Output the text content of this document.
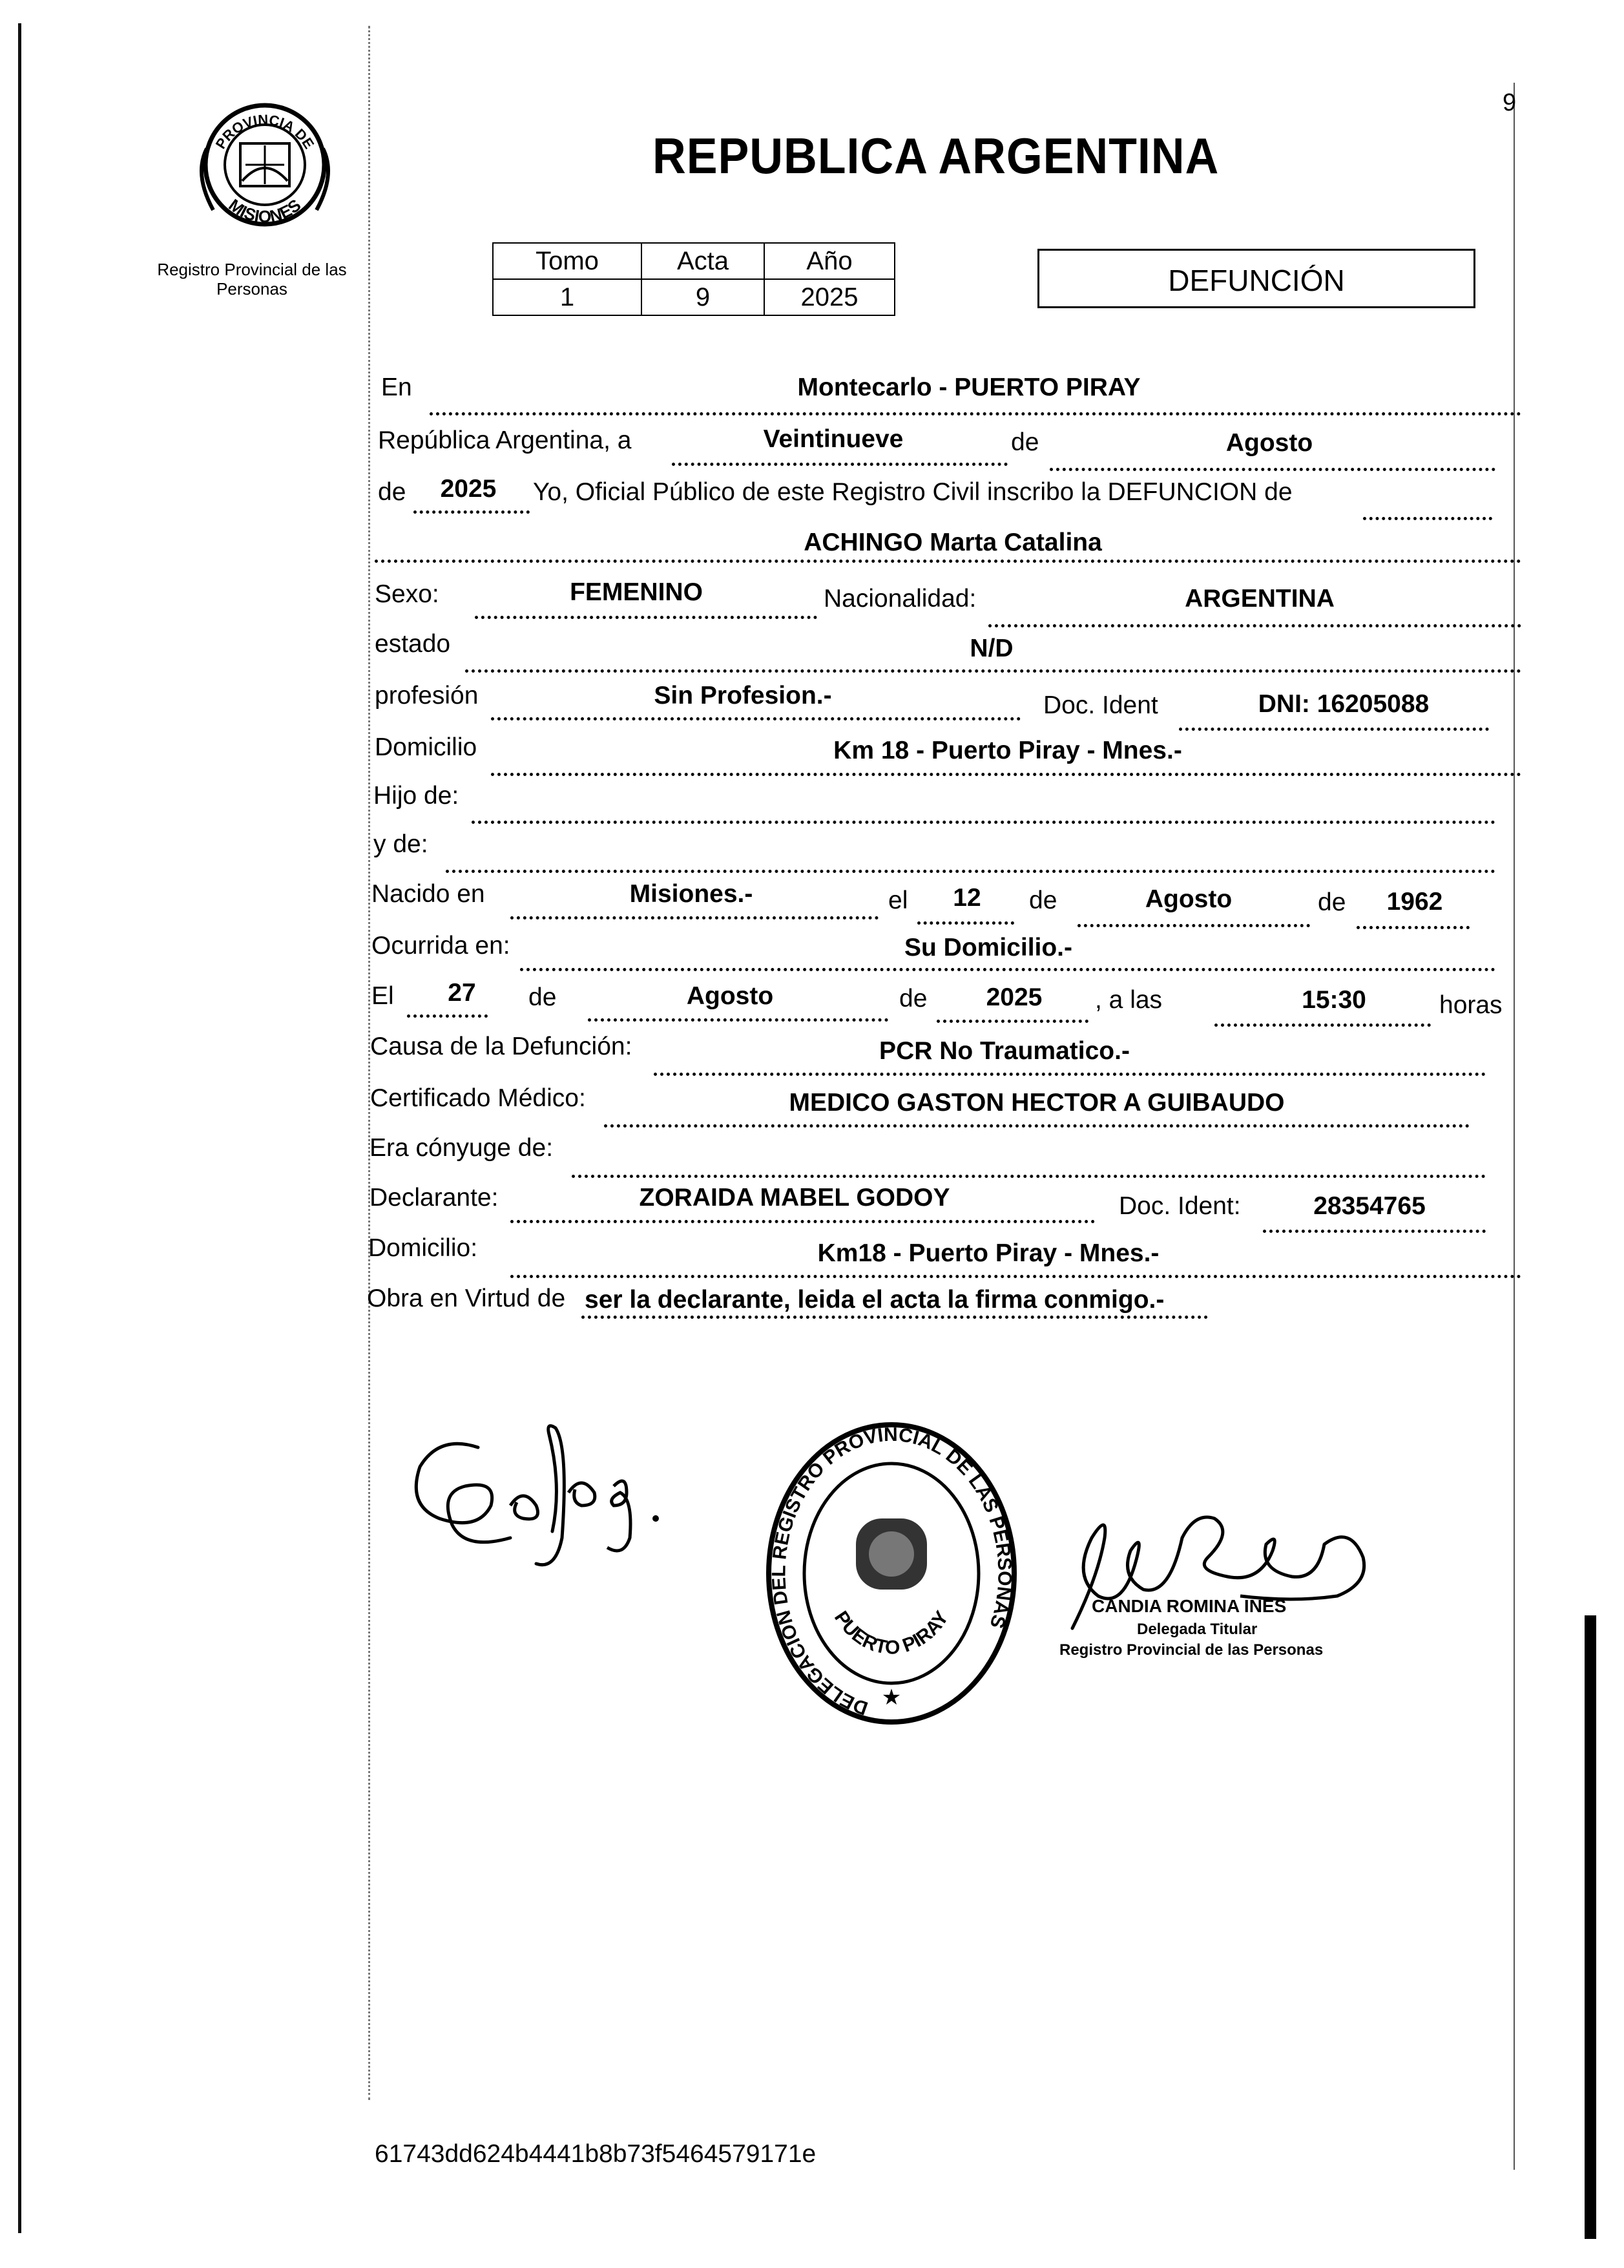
9
PROVINCIA DE
MISIONES
Registro Provincial de las Personas
REPUBLICA ARGENTINA
Tomo	Acta	Año
1	9	2025	DEFUNCIÓN
En	Montecarlo - PUERTO PIRAY
República Argentina, a	Veintinueve	de	Agosto
de 2025 Yo, Oficial Público de este Registro Civil inscribo la DEFUNCION de
ACHINGO Marta Catalina
Sexo:	FEMENINO	Nacionalidad:	ARGENTINA
estado	N/D
profesión	Sin Profesion.-	Doc. Ident	DNI: 16205088
Domicilio	Km 18 - Puerto Piray - Mnes.-
Hijo de:
y de:
Nacido en	Misiones.-	el 12 de	Agosto	de 1962
Ocurrida en:	Su Domicilio.-
El 27 de	Agosto	de 2025 , a las	15:30	horas
Causa de la Defunción:	PCR No Traumatico.-
Certificado Médico:	MEDICO GASTON HECTOR A GUIBAUDO
Era cónyuge de:
Declarante:	ZORAIDA MABEL GODOY	Doc. Ident:	28354765
Domicilio:	Km18 - Puerto Piray - Mnes.-
Obra en Virtud de ser la declarante, leida el acta la firma conmigo.-
DELEGACION DEL REGISTRO PROVINCIAL DE LAS PERSONAS
PUERTO PIRAY
★
CANDIA ROMINA INES
Delegada Titular
Registro Provincial de las Personas
61743dd624b4441b8b73f5464579171e
